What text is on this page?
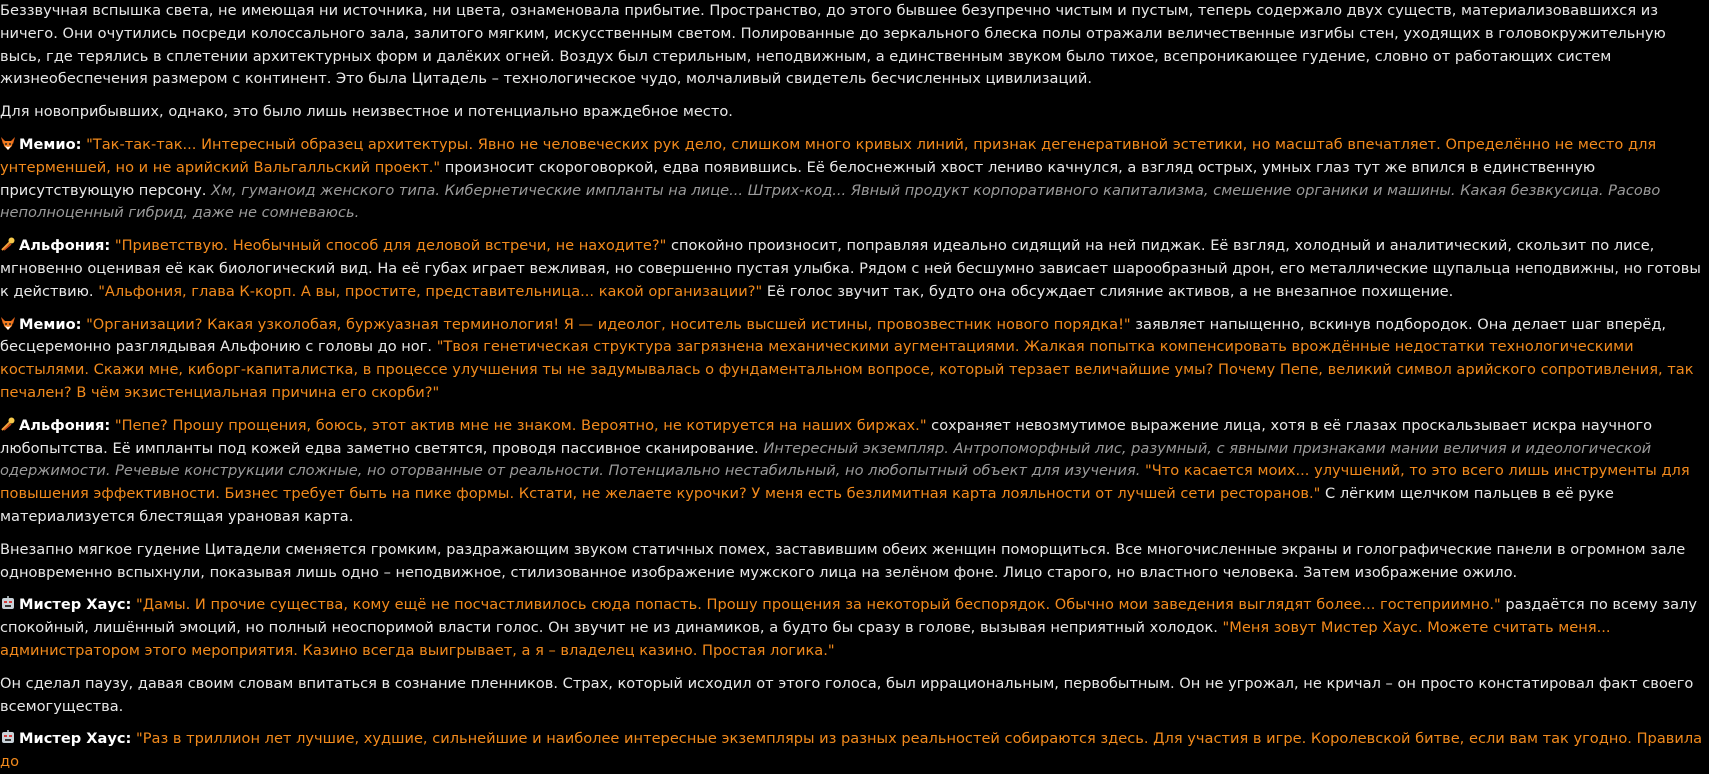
Беззвучная вспышка света, не имеющая ни источника, ни цвета, ознаменовала прибытие. Пространство, до этого бывшее безупречно чистым и пустым, теперь содержало двух существ, материализовавшихся из ничего. Они очутились посреди колоссального зала, залитого мягким, искусственным светом. Полированные до зеркального блеска полы отражали величественные изгибы стен, уходящих в головокружительную высь, где терялись в сплетении архитектурных форм и далёких огней. Воздух был стерильным, неподвижным, а единственным звуком было тихое, всепроникающее гудение, словно от работающих систем жизнеобеспечения размером с континент. Это была Цитадель – технологическое чудо, молчаливый свидетель бесчисленных цивилизаций.
Для новоприбывших, однако, это было лишь неизвестное и потенциально враждебное место.
Мемио: "Так-так-так... Интересный образец архитектуры. Явно не человеческих рук дело, слишком много кривых линий, признак дегенеративной эстетики, но масштаб впечатляет. Определённо не место для унтерменшей, но и не арийский Вальгалльский проект." произносит скороговоркой, едва появившись. Её белоснежный хвост лениво качнулся, а взгляд острых, умных глаз тут же впился в единственную присутствующую персону. Хм, гуманоид женского типа. Кибернетические импланты на лице... Штрих-код... Явный продукт корпоративного капитализма, смешение органики и машины. Какая безвкусица. Расово неполноценный гибрид, даже не сомневаюсь.
Альфония: "Приветствую. Необычный способ для деловой встречи, не находите?" спокойно произносит, поправляя идеально сидящий на ней пиджак. Её взгляд, холодный и аналитический, скользит по лисе, мгновенно оценивая её как биологический вид. На её губах играет вежливая, но совершенно пустая улыбка. Рядом с ней бесшумно зависает шарообразный дрон, его металлические щупальца неподвижны, но готовы к действию. "Альфония, глава К-корп. А вы, простите, представительница... какой организации?" Её голос звучит так, будто она обсуждает слияние активов, а не внезапное похищение.
Мемио: "Организации? Какая узколобая, буржуазная терминология! Я — идеолог, носитель высшей истины, провозвестник нового порядка!" заявляет напыщенно, вскинув подбородок. Она делает шаг вперёд, бесцеремонно разглядывая Альфонию с головы до ног. "Твоя генетическая структура загрязнена механическими аугментациями. Жалкая попытка компенсировать врождённые недостатки технологическими костылями. Скажи мне, киборг-капиталистка, в процессе улучшения ты не задумывалась о фундаментальном вопросе, который терзает величайшие умы? Почему Пепе, великий символ арийского сопротивления, так печален? В чём экзистенциальная причина его скорби?"
Альфония: "Пепе? Прошу прощения, боюсь, этот актив мне не знаком. Вероятно, не котируется на наших биржах." сохраняет невозмутимое выражение лица, хотя в её глазах проскальзывает искра научного любопытства. Её импланты под кожей едва заметно светятся, проводя пассивное сканирование. Интересный экземпляр. Антропоморфный лис, разумный, с явными признаками мании величия и идеологической одержимости. Речевые конструкции сложные, но оторванные от реальности. Потенциально нестабильный, но любопытный объект для изучения. "Что касается моих... улучшений, то это всего лишь инструменты для повышения эффективности. Бизнес требует быть на пике формы. Кстати, не желаете курочки? У меня есть безлимитная карта лояльности от лучшей сети ресторанов." С лёгким щелчком пальцев в её руке материализуется блестящая урановая карта.
Внезапно мягкое гудение Цитадели сменяется громким, раздражающим звуком статичных помех, заставившим обеих женщин поморщиться. Все многочисленные экраны и голографические панели в огромном зале одновременно вспыхнули, показывая лишь одно – неподвижное, стилизованное изображение мужского лица на зелёном фоне. Лицо старого, но властного человека. Затем изображение ожило.
Мистер Хаус: "Дамы. И прочие существа, кому ещё не посчастливилось сюда попасть. Прошу прощения за некоторый беспорядок. Обычно мои заведения выглядят более... гостеприимно." раздаётся по всему залу спокойный, лишённый эмоций, но полный неоспоримой власти голос. Он звучит не из динамиков, а будто бы сразу в голове, вызывая неприятный холодок. "Меня зовут Мистер Хаус. Можете считать меня... администратором этого мероприятия. Казино всегда выигрывает, а я – владелец казино. Простая логика."
Он сделал паузу, давая своим словам впитаться в сознание пленников. Страх, который исходил от этого голоса, был иррациональным, первобытным. Он не угрожал, не кричал – он просто констатировал факт своего всемогущества.
Мистер Хаус: "Раз в триллион лет лучшие, худшие, сильнейшие и наиболее интересные экземпляры из разных реальностей собираются здесь. Для участия в игре. Королевской битве, если вам так угодно. Правила до
